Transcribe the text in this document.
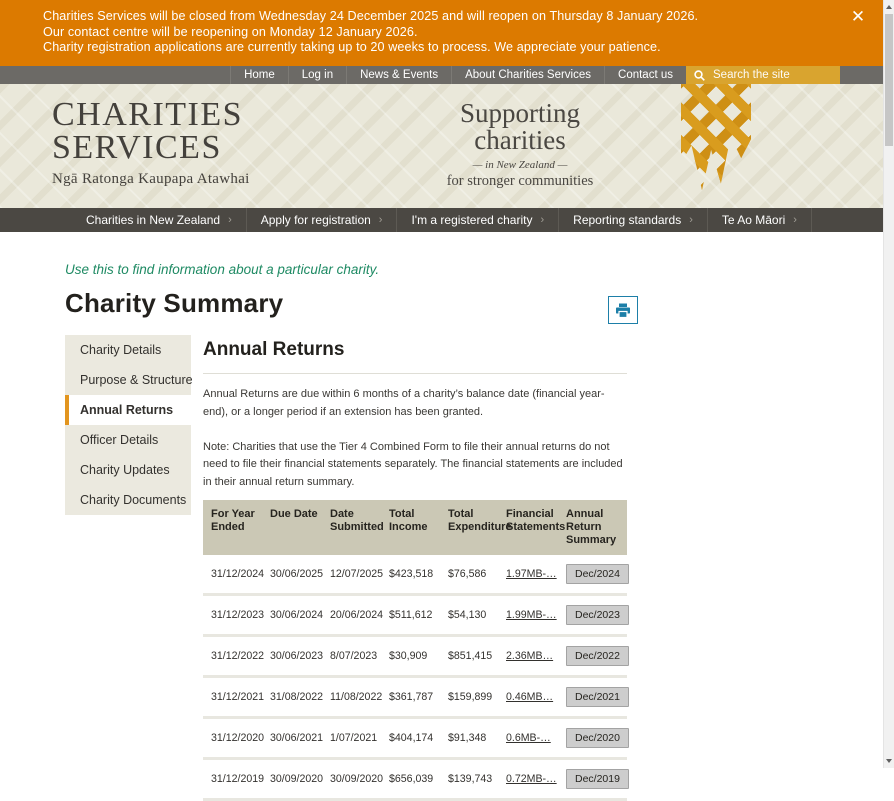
Charities Services will be closed from Wednesday 24 December 2025 and will reopen on Thursday 8 January 2026.
Our contact centre will be reopening on Monday 12 January 2026.
Charity registration applications are currently taking up to 20 weeks to process. We appreciate your patience.
✕
Home	Log in	News & Events	About Charities Services	Contact us
Search the site
CHARITIES
SERVICES
Ngā Ratonga Kaupapa Atawhai
Supporting
charities
— in New Zealand —
for stronger communities
Charities in New Zealand › Apply for registration › I'm a registered charity › Reporting standards › Te Ao Māori ›

Use this to find information about a particular charity.

Charity Summary
Charity Details
Purpose & Structure
Annual Returns
Officer Details
Charity Updates
Charity Documents
Annual Returns

Annual Returns are due within 6 months of a charity’s balance date (financial year-end), or a longer period if an extension has been granted.

Note: Charities that use the Tier 4 Combined Form to file their annual returns do not need to file their financial statements separately. The financial statements are included in their annual return summary.

For Year Ended	Due Date	Date Submitted	Total Income	Total Expenditure	Financial Statements	Annual Return Summary
31/12/2024	30/06/2025	12/07/2025	$423,518	$76,586	1.97MB-…	Dec/2024
31/12/2023	30/06/2024	20/06/2024	$511,612	$54,130	1.99MB-…	Dec/2023
31/12/2022	30/06/2023	8/07/2023	$30,909	$851,415	2.36MB…	Dec/2022
31/12/2021	31/08/2022	11/08/2022	$361,787	$159,899	0.46MB…	Dec/2021
31/12/2020	30/06/2021	1/07/2021	$404,174	$91,348	0.6MB-…	Dec/2020
31/12/2019	30/09/2020	30/09/2020	$656,039	$139,743	0.72MB-…	Dec/2019
